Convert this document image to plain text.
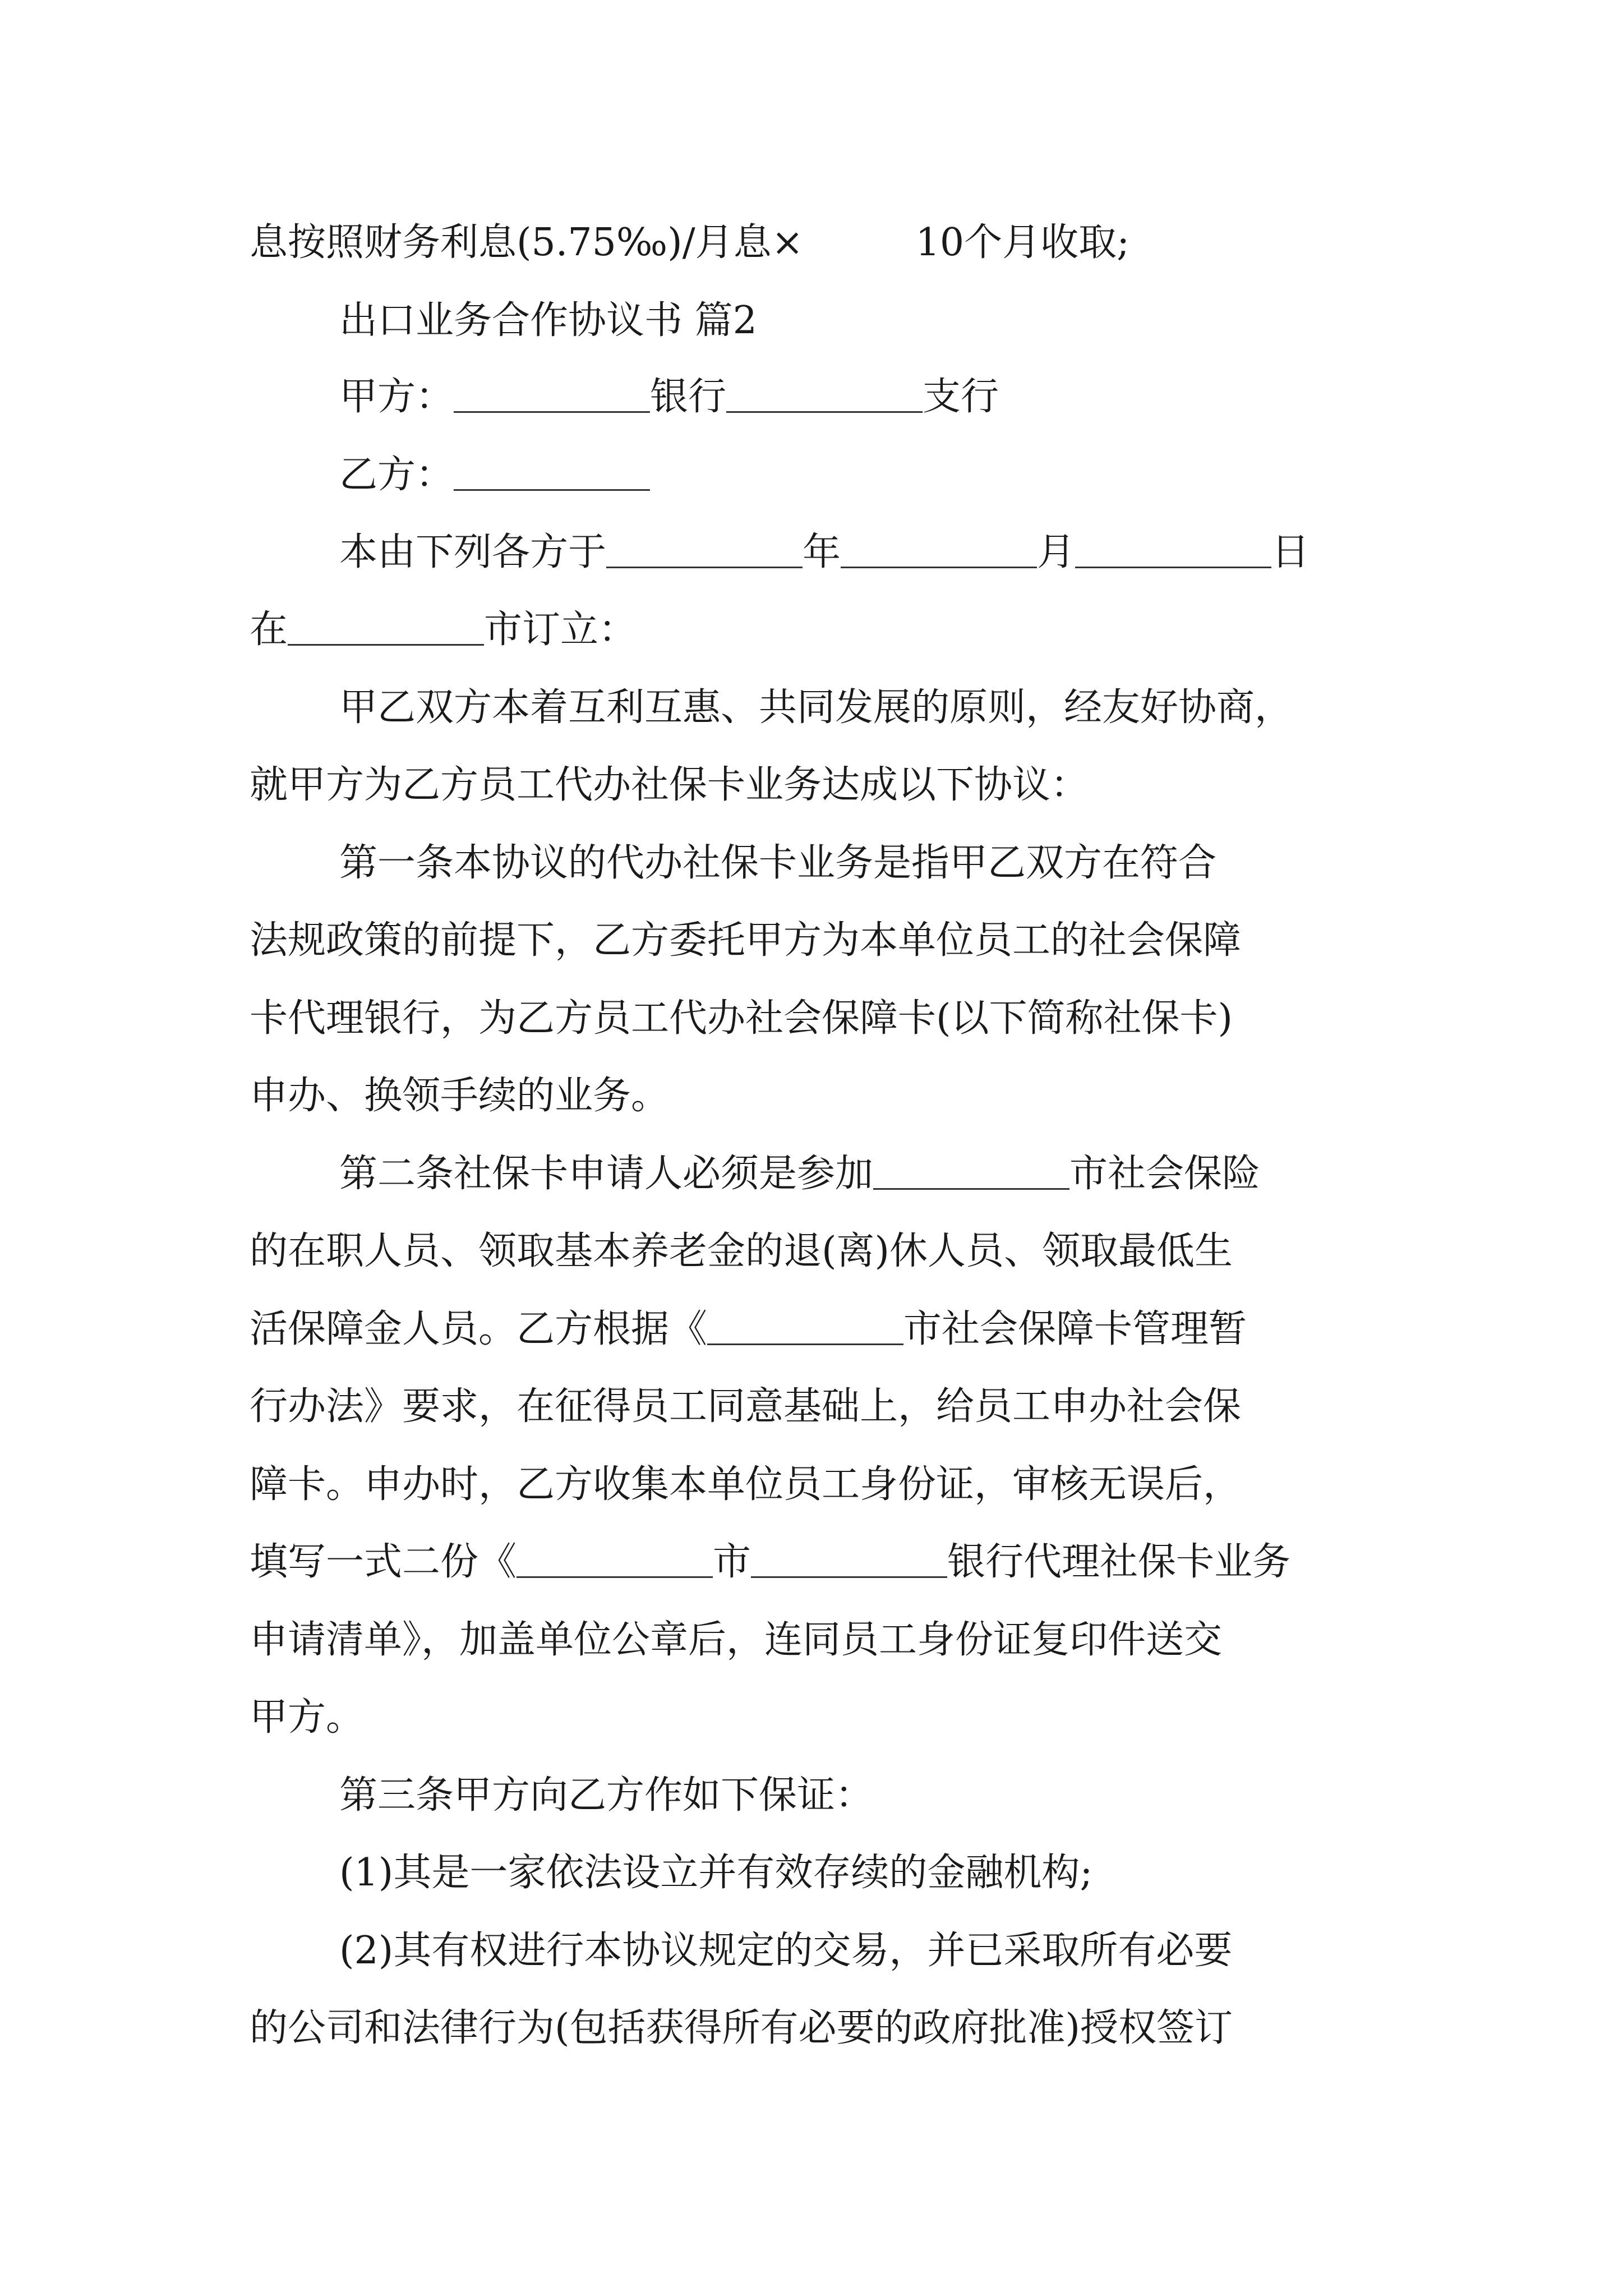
息按照财务利息(5.75‰)/月息×	10个月收取;
出口业务合作协议书 篇2
甲方：	银行	支行
乙方：
本由下列各方于	年	月	日
在	市订立：
甲乙双方本着互利互惠、共同发展的原则，经友好协商，
就甲方为乙方员工代办社保卡业务达成以下协议：
第一条本协议的代办社保卡业务是指甲乙双方在符合
法规政策的前提下，乙方委托甲方为本单位员工的社会保障
卡代理银行，为乙方员工代办社会保障卡(以下简称社保卡)
申办、换领手续的业务。
第二条社保卡申请人必须是参加	市社会保险
的在职人员、领取基本养老金的退(离)休人员、领取最低生
活保障金人员。乙方根据《	市社会保障卡管理暂
行办法》要求，在征得员工同意基础上，给员工申办社会保
障卡。申办时，乙方收集本单位员工身份证，审核无误后，
填写一式二份《	市	银行代理社保卡业务
申请清单》，加盖单位公章后，连同员工身份证复印件送交
甲方。
第三条甲方向乙方作如下保证：
(1)其是一家依法设立并有效存续的金融机构;
(2)其有权进行本协议规定的交易，并已采取所有必要
的公司和法律行为(包括获得所有必要的政府批准)授权签订
